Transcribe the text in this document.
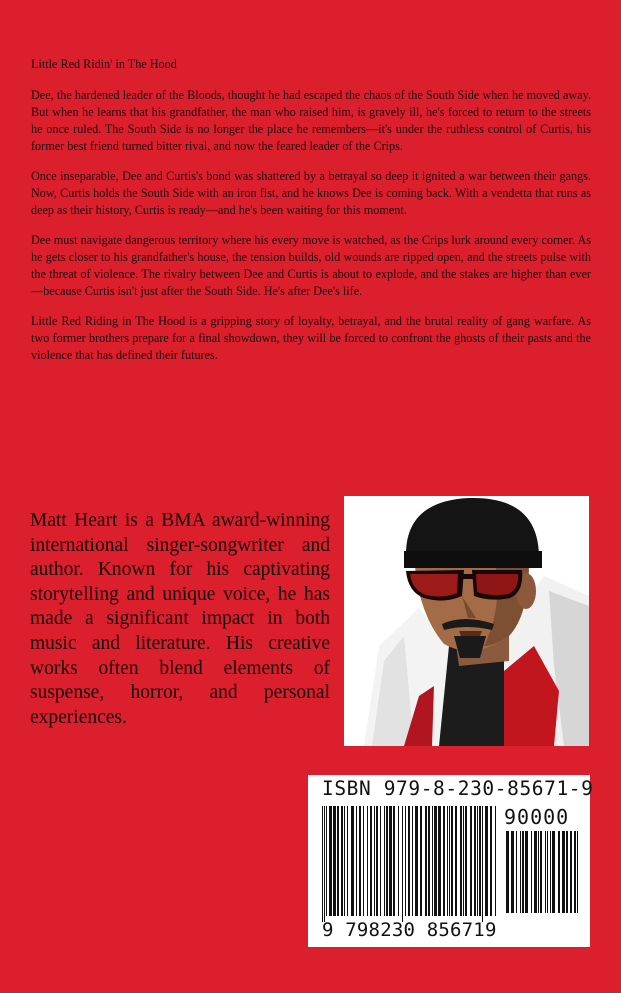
Little Red Ridin' in The Hood

Dee, the hardened leader of the Bloods, thought he had escaped the chaos of the South Side when he moved away. But when he learns that his grandfather, the man who raised him, is gravely ill, he's forced to return to the streets he once ruled. The South Side is no longer the place he remembers—it's under the ruthless control of Curtis, his former best friend turned bitter rival, and now the feared leader of the Crips.

Once inseparable, Dee and Curtis's bond was shattered by a betrayal so deep it ignited a war between their gangs. Now, Curtis holds the South Side with an iron fist, and he knows Dee is coming back. With a vendetta that runs as deep as their history, Curtis is ready—and he's been waiting for this moment.

Dee must navigate dangerous territory where his every move is watched, as the Crips lurk around every corner. As he gets closer to his grandfather's house, the tension builds, old wounds are ripped open, and the streets pulse with the threat of violence. The rivalry between Dee and Curtis is about to explode, and the stakes are higher than ever—because Curtis isn't just after the South Side. He's after Dee's life.

Little Red Riding in The Hood is a gripping story of loyalty, betrayal, and the brutal reality of gang warfare. As two former brothers prepare for a final showdown, they will be forced to confront the ghosts of their pasts and the violence that has defined their futures.

Matt Heart is a BMA award-winning international singer-songwriter and author. Known for his captivating storytelling and unique voice, he has made a significant impact in both music and literature. His creative works often blend elements of suspense, horror, and personal experiences.
ISBN 979-8-230-85671-9
90000
9 798230 856719
